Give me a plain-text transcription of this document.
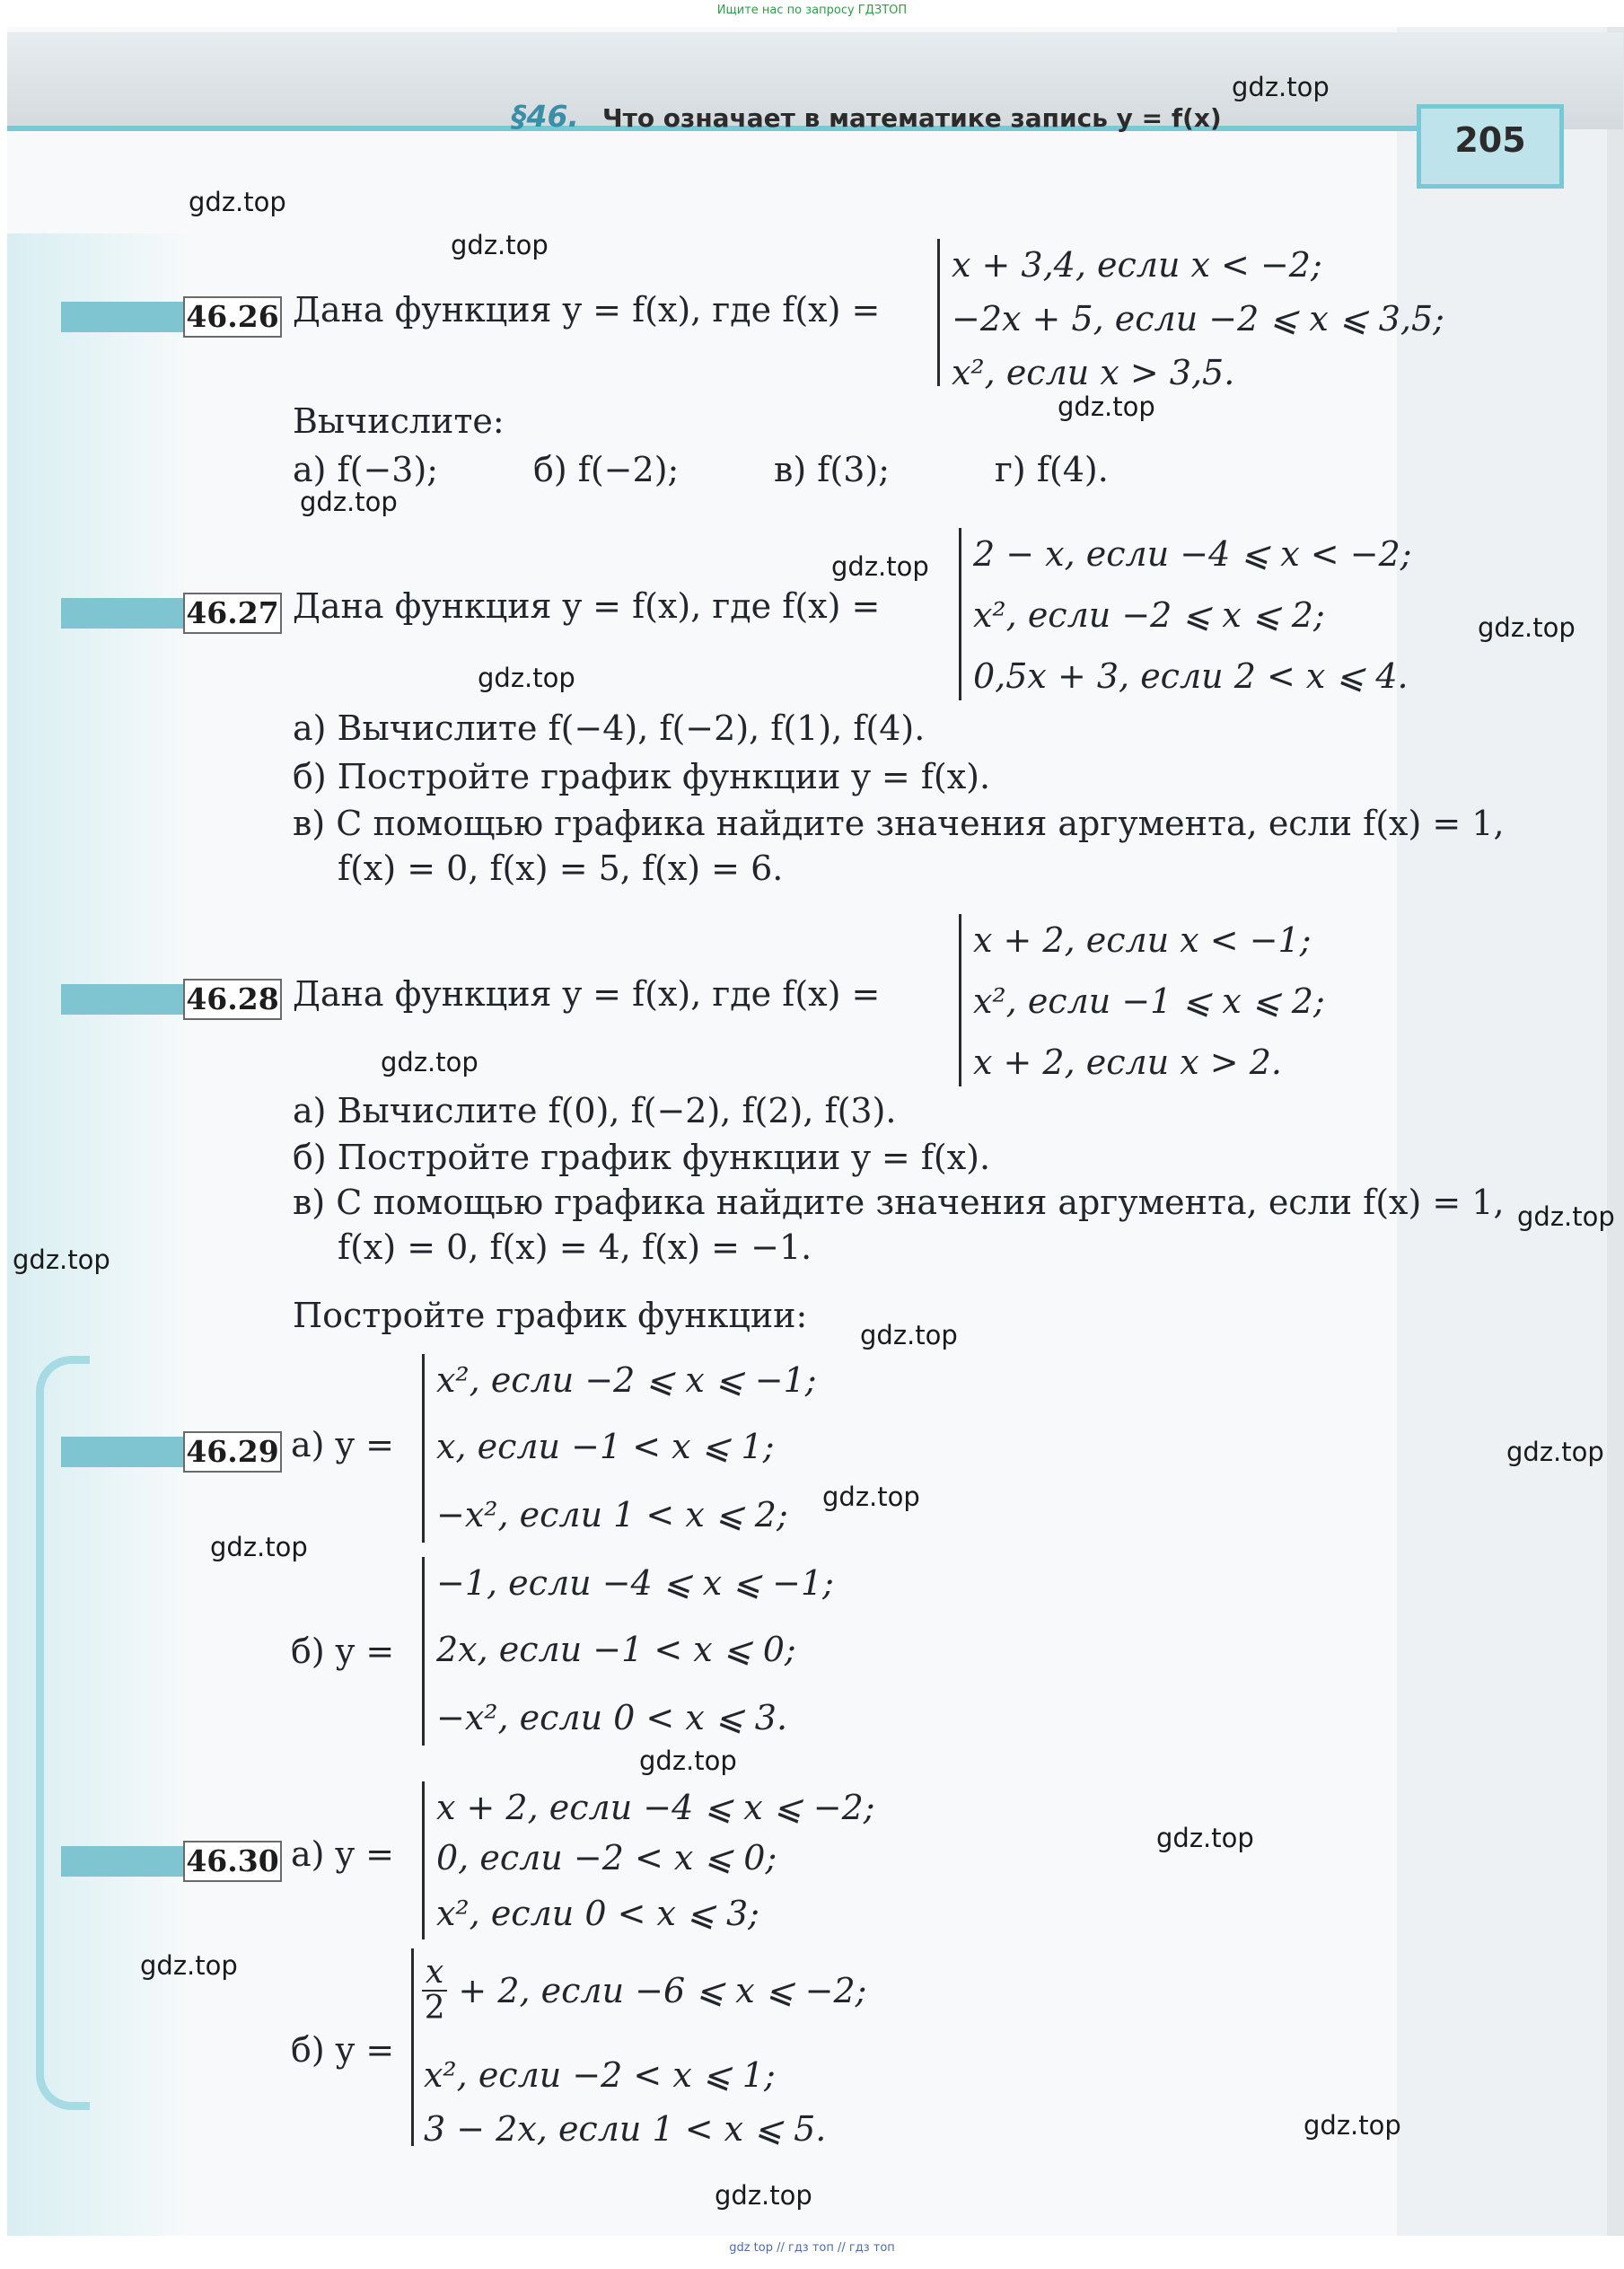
Ищите нас по запросу ГДЗТОП
§46. Что означает в математике запись y = f(x)
205
gdz.top
gdz.top
gdz.top
gdz.top
gdz.top
gdz.top
gdz.top
gdz.top
gdz.top
gdz.top
gdz.top
gdz.top
gdz.top
gdz.top
gdz.top
gdz.top
gdz.top
gdz.top
gdz.top
gdz.top
46.26 Дана функция y = f(x), где f(x) =
x + 3,4, если x < −2;
−2x + 5, если −2 ⩽ x ⩽ 3,5;
x², если x > 3,5.
Вычислите:
а) f(−3);	б) f(−2);	в) f(3);	г) f(4).
46.27 Дана функция y = f(x), где f(x) =
2 − x, если −4 ⩽ x < −2;
x², если −2 ⩽ x ⩽ 2;
0,5x + 3, если 2 < x ⩽ 4.
а) Вычислите f(−4), f(−2), f(1), f(4).
б) Постройте график функции y = f(x).
в) С помощью графика найдите значения аргумента, если f(x) = 1,
f(x) = 0, f(x) = 5, f(x) = 6.
46.28 Дана функция y = f(x), где f(x) =
x + 2, если x < −1;
x², если −1 ⩽ x ⩽ 2;
x + 2, если x > 2.
а) Вычислите f(0), f(−2), f(2), f(3).
б) Постройте график функции y = f(x).
в) С помощью графика найдите значения аргумента, если f(x) = 1,
f(x) = 0, f(x) = 4, f(x) = −1.
Постройте график функции:
46.29 а) y =
x², если −2 ⩽ x ⩽ −1;
x, если −1 < x ⩽ 1;
−x², если 1 < x ⩽ 2;
б) y =
−1, если −4 ⩽ x ⩽ −1;
2x, если −1 < x ⩽ 0;
−x², если 0 < x ⩽ 3.
46.30 а) y =
x + 2, если −4 ⩽ x ⩽ −2;
0, если −2 < x ⩽ 0;
x², если 0 < x ⩽ 3;
б) y =
$\frac{x}{2} + 2$, если −6 ⩽ x ⩽ −2;
x², если −2 < x ⩽ 1;
3 − 2x, если 1 < x ⩽ 5.
gdz top // гдз топ // гдз топ
